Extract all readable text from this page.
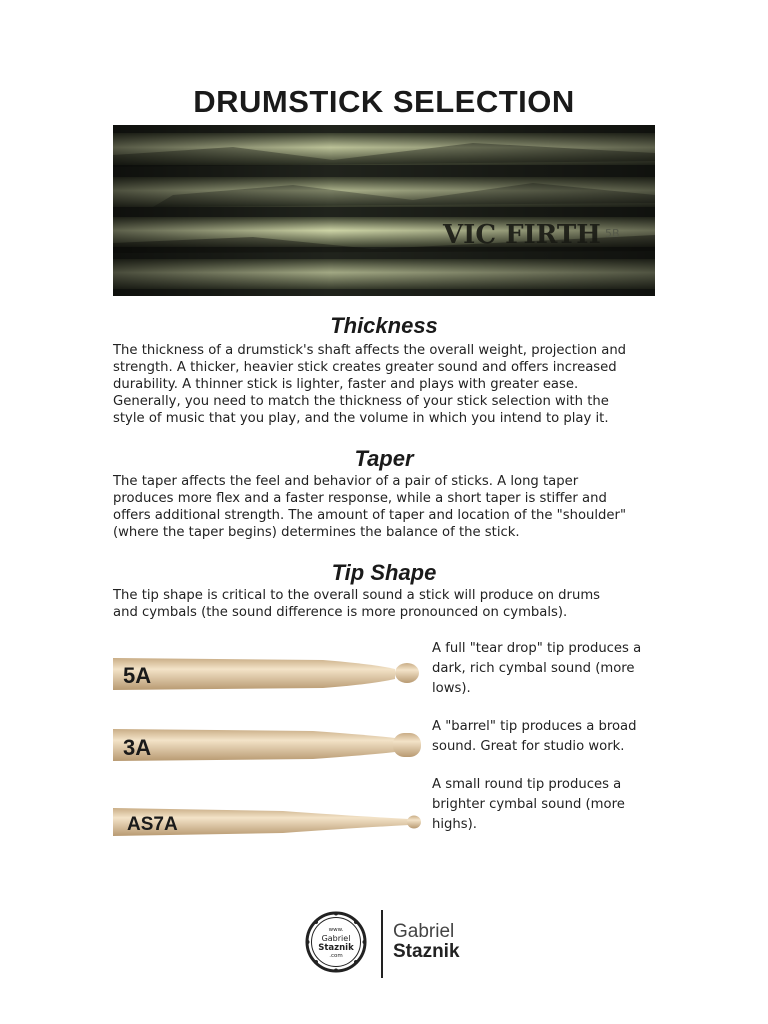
DRUMSTICK SELECTION
VIC FIRTH 5B
Thickness

The thickness of a drumstick's shaft affects the overall weight, projection and
strength. A thicker, heavier stick creates greater sound and offers increased
durability. A thinner stick is lighter, faster and plays with greater ease.
Generally, you need to match the thickness of your stick selection with the
style of music that you play, and the volume in which you intend to play it.

Taper

The taper affects the feel and behavior of a pair of sticks. A long taper
produces more flex and a faster response, while a short taper is stiffer and
offers additional strength. The amount of taper and location of the "shoulder"
(where the taper begins) determines the balance of the stick.

Tip Shape

The tip shape is critical to the overall sound a stick will produce on drums
and cymbals (the sound difference is more pronounced on cymbals).

5A

A full "tear drop" tip produces a
dark, rich cymbal sound (more
lows).

3A

A "barrel" tip produces a broad
sound. Great for studio work.

AS7A

A small round tip produces a
brighter cymbal sound (more
highs).

www.
Gabriel
Staznik
.com
Gabriel
Staznik
